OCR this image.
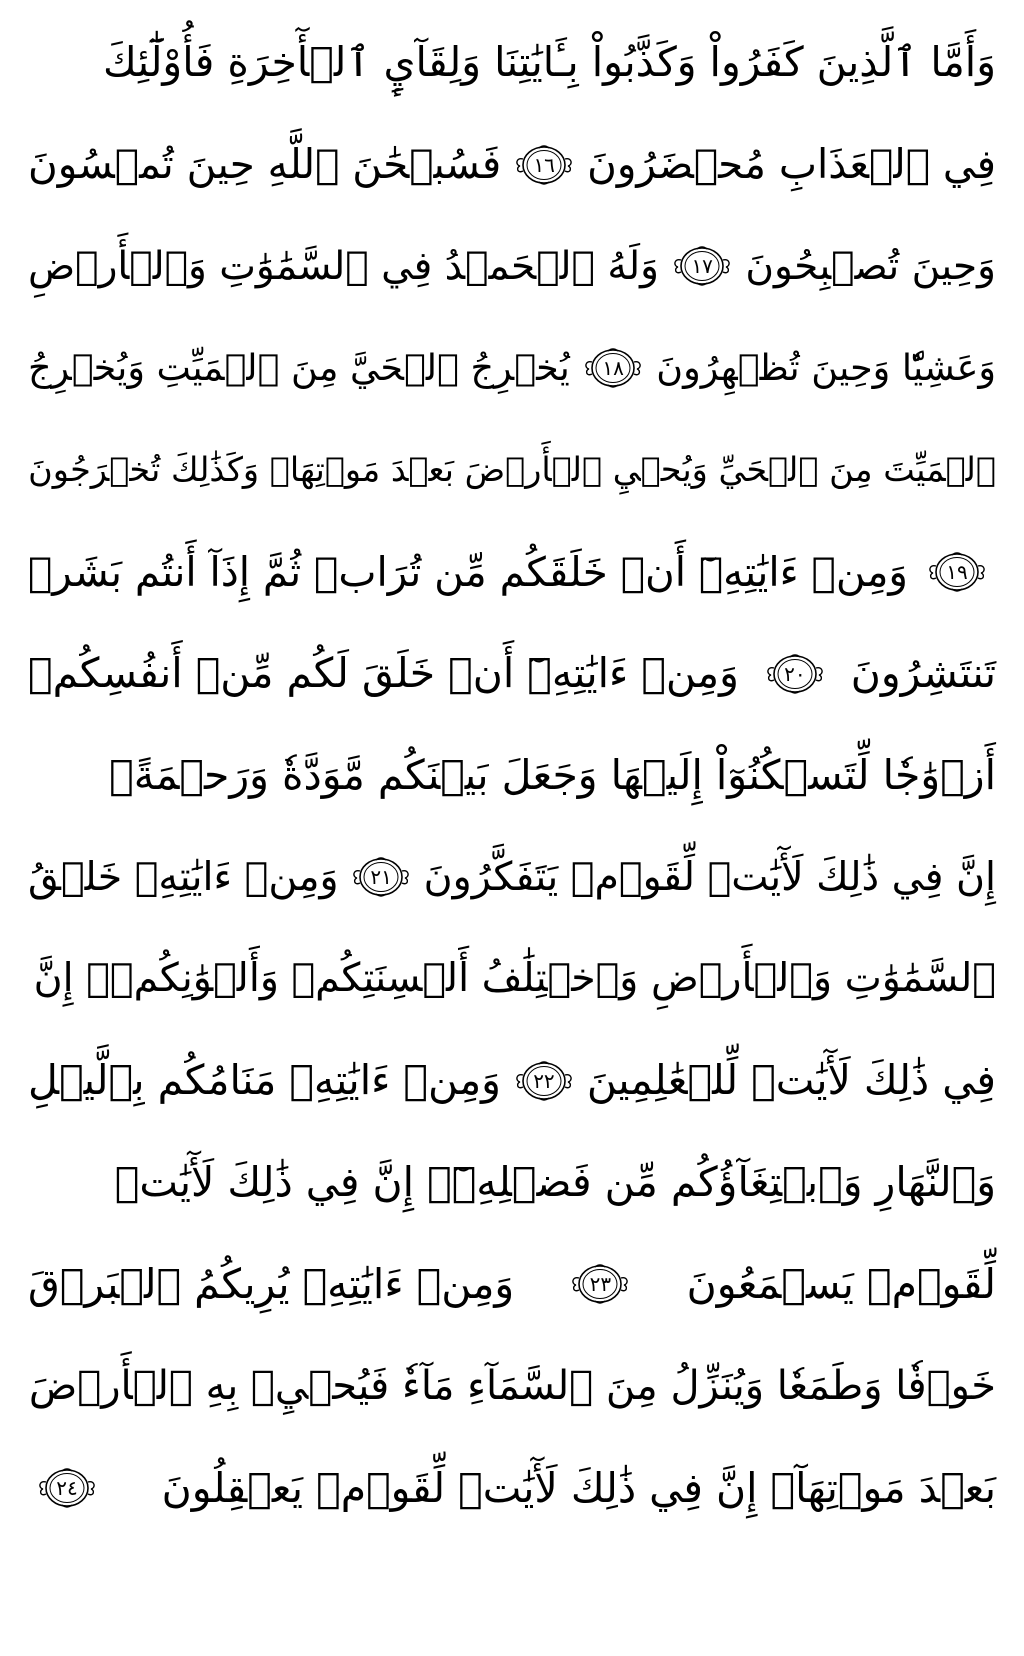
وَأَمَّا ٱلَّذِينَ كَفَرُواْ وَكَذَّبُواْ بِـَٔايَٰتِنَا وَلِقَآيِٕ ٱلۡأٓخِرَةِ فَأُوْلَٰٓئِكَ
فِي ٱلۡعَذَابِ مُحۡضَرُونَ
١٦
فَسُبۡحَٰنَ ٱللَّهِ حِينَ تُمۡسُونَ
وَحِينَ تُصۡبِحُونَ
١٧
وَلَهُ ٱلۡحَمۡدُ فِي ٱلسَّمَٰوَٰتِ وَٱلۡأَرۡضِ
وَعَشِيّٗا وَحِينَ تُظۡهِرُونَ
١٨
يُخۡرِجُ ٱلۡحَيَّ مِنَ ٱلۡمَيِّتِ وَيُخۡرِجُ
ٱلۡمَيِّتَ مِنَ ٱلۡحَيِّ وَيُحۡيِ ٱلۡأَرۡضَ بَعۡدَ مَوۡتِهَاۚ وَكَذَٰلِكَ تُخۡرَجُونَ
١٩
وَمِنۡ ءَايَٰتِهِۦٓ أَنۡ خَلَقَكُم مِّن تُرَابٖ ثُمَّ إِذَآ أَنتُم بَشَرٞ
تَنتَشِرُونَ
٢٠
وَمِنۡ ءَايَٰتِهِۦٓ أَنۡ خَلَقَ لَكُم مِّنۡ أَنفُسِكُمۡ
أَزۡوَٰجٗا لِّتَسۡكُنُوٓاْ إِلَيۡهَا وَجَعَلَ بَيۡنَكُم مَّوَدَّةٗ وَرَحۡمَةًۚ
إِنَّ فِي ذَٰلِكَ لَأٓيَٰتٖ لِّقَوۡمٖ يَتَفَكَّرُونَ
٢١
وَمِنۡ ءَايَٰتِهِۦ خَلۡقُ
ٱلسَّمَٰوَٰتِ وَٱلۡأَرۡضِ وَٱخۡتِلَٰفُ أَلۡسِنَتِكُمۡ وَأَلۡوَٰنِكُمۡۚ إِنَّ
فِي ذَٰلِكَ لَأٓيَٰتٖ لِّلۡعَٰلِمِينَ
٢٢
وَمِنۡ ءَايَٰتِهِۦ مَنَامُكُم بِٱلَّيۡلِ
وَٱلنَّهَارِ وَٱبۡتِغَآؤُكُم مِّن فَضۡلِهِۦٓۚ إِنَّ فِي ذَٰلِكَ لَأٓيَٰتٖ
لِّقَوۡمٖ يَسۡمَعُونَ
٢٣
وَمِنۡ ءَايَٰتِهِۦ يُرِيكُمُ ٱلۡبَرۡقَ
خَوۡفٗا وَطَمَعٗا وَيُنَزِّلُ مِنَ ٱلسَّمَآءِ مَآءٗ فَيُحۡيِۦ بِهِ ٱلۡأَرۡضَ
بَعۡدَ مَوۡتِهَآۚ إِنَّ فِي ذَٰلِكَ لَأٓيَٰتٖ لِّقَوۡمٖ يَعۡقِلُونَ
٢٤
